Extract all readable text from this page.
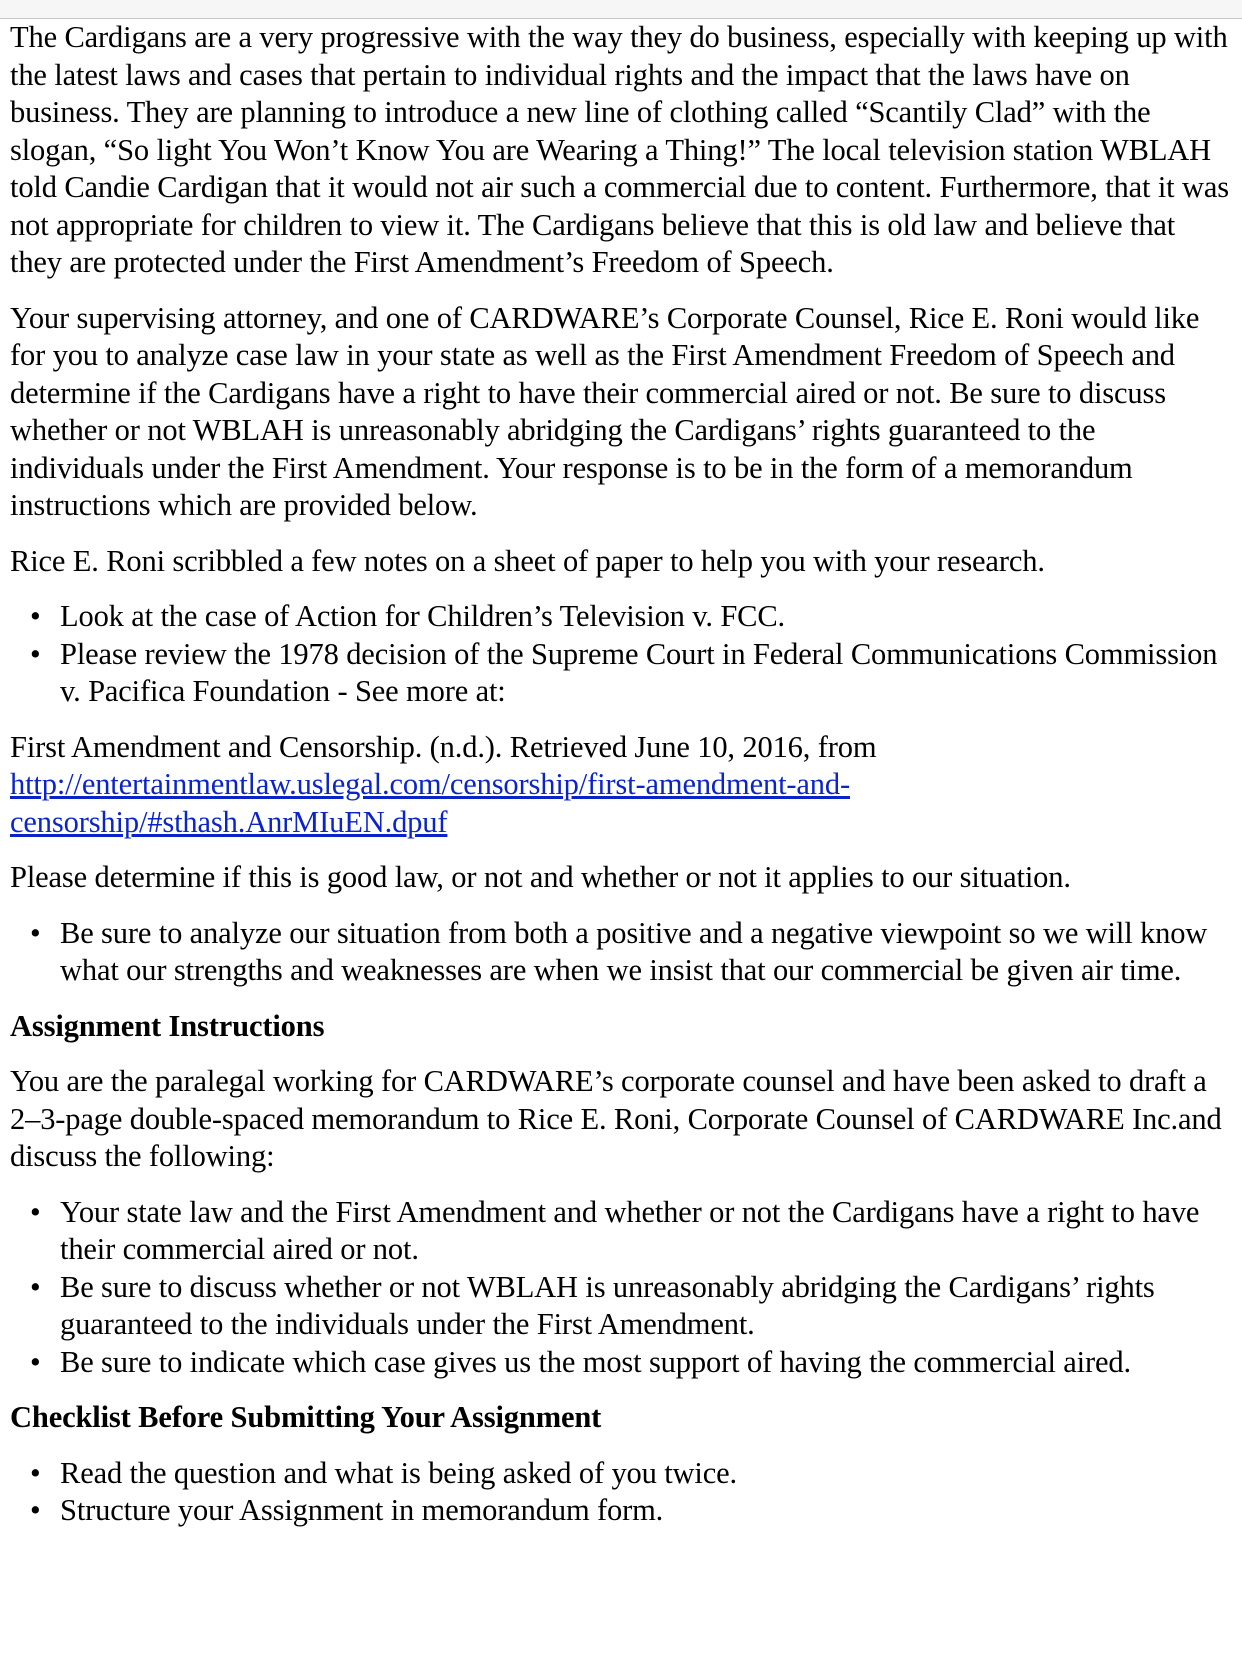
The Cardigans are a very progressive with the way they do business, especially with keeping up with the latest laws and cases that pertain to individual rights and the impact that the laws have on business. They are planning to introduce a new line of clothing called “Scantily Clad” with the slogan, “So light You Won’t Know You are Wearing a Thing!” The local television station WBLAH told Candie Cardigan that it would not air such a commercial due to content. Furthermore, that it was not appropriate for children to view it. The Cardigans believe that this is old law and believe that they are protected under the First Amendment’s Freedom of Speech.

Your supervising attorney, and one of CARDWARE’s Corporate Counsel, Rice E. Roni would like for you to analyze case law in your state as well as the First Amendment Freedom of Speech and determine if the Cardigans have a right to have their commercial aired or not. Be sure to discuss whether or not WBLAH is unreasonably abridging the Cardigans’ rights guaranteed to the individuals under the First Amendment. Your response is to be in the form of a memorandum instructions which are provided below.

Rice E. Roni scribbled a few notes on a sheet of paper to help you with your research.

• Look at the case of Action for Children’s Television v. FCC.
• Please review the 1978 decision of the Supreme Court in Federal Communications Commission v. Pacifica Foundation - See more at:

First Amendment and Censorship. (n.d.). Retrieved June 10, 2016, from
http://entertainmentlaw.uslegal.com/censorship/first-amendment-and-censorship/#sthash.AnrMIuEN.dpuf

Please determine if this is good law, or not and whether or not it applies to our situation.

• Be sure to analyze our situation from both a positive and a negative viewpoint so we will know what our strengths and weaknesses are when we insist that our commercial be given air time.
Assignment Instructions

You are the paralegal working for CARDWARE’s corporate counsel and have been asked to draft a 2–3-page double-spaced memorandum to Rice E. Roni, Corporate Counsel of CARDWARE Inc.and discuss the following:

• Your state law and the First Amendment and whether or not the Cardigans have a right to have their commercial aired or not.
• Be sure to discuss whether or not WBLAH is unreasonably abridging the Cardigans’ rights guaranteed to the individuals under the First Amendment.
• Be sure to indicate which case gives us the most support of having the commercial aired.
Checklist Before Submitting Your Assignment
• Read the question and what is being asked of you twice.
• Structure your Assignment in memorandum form.
